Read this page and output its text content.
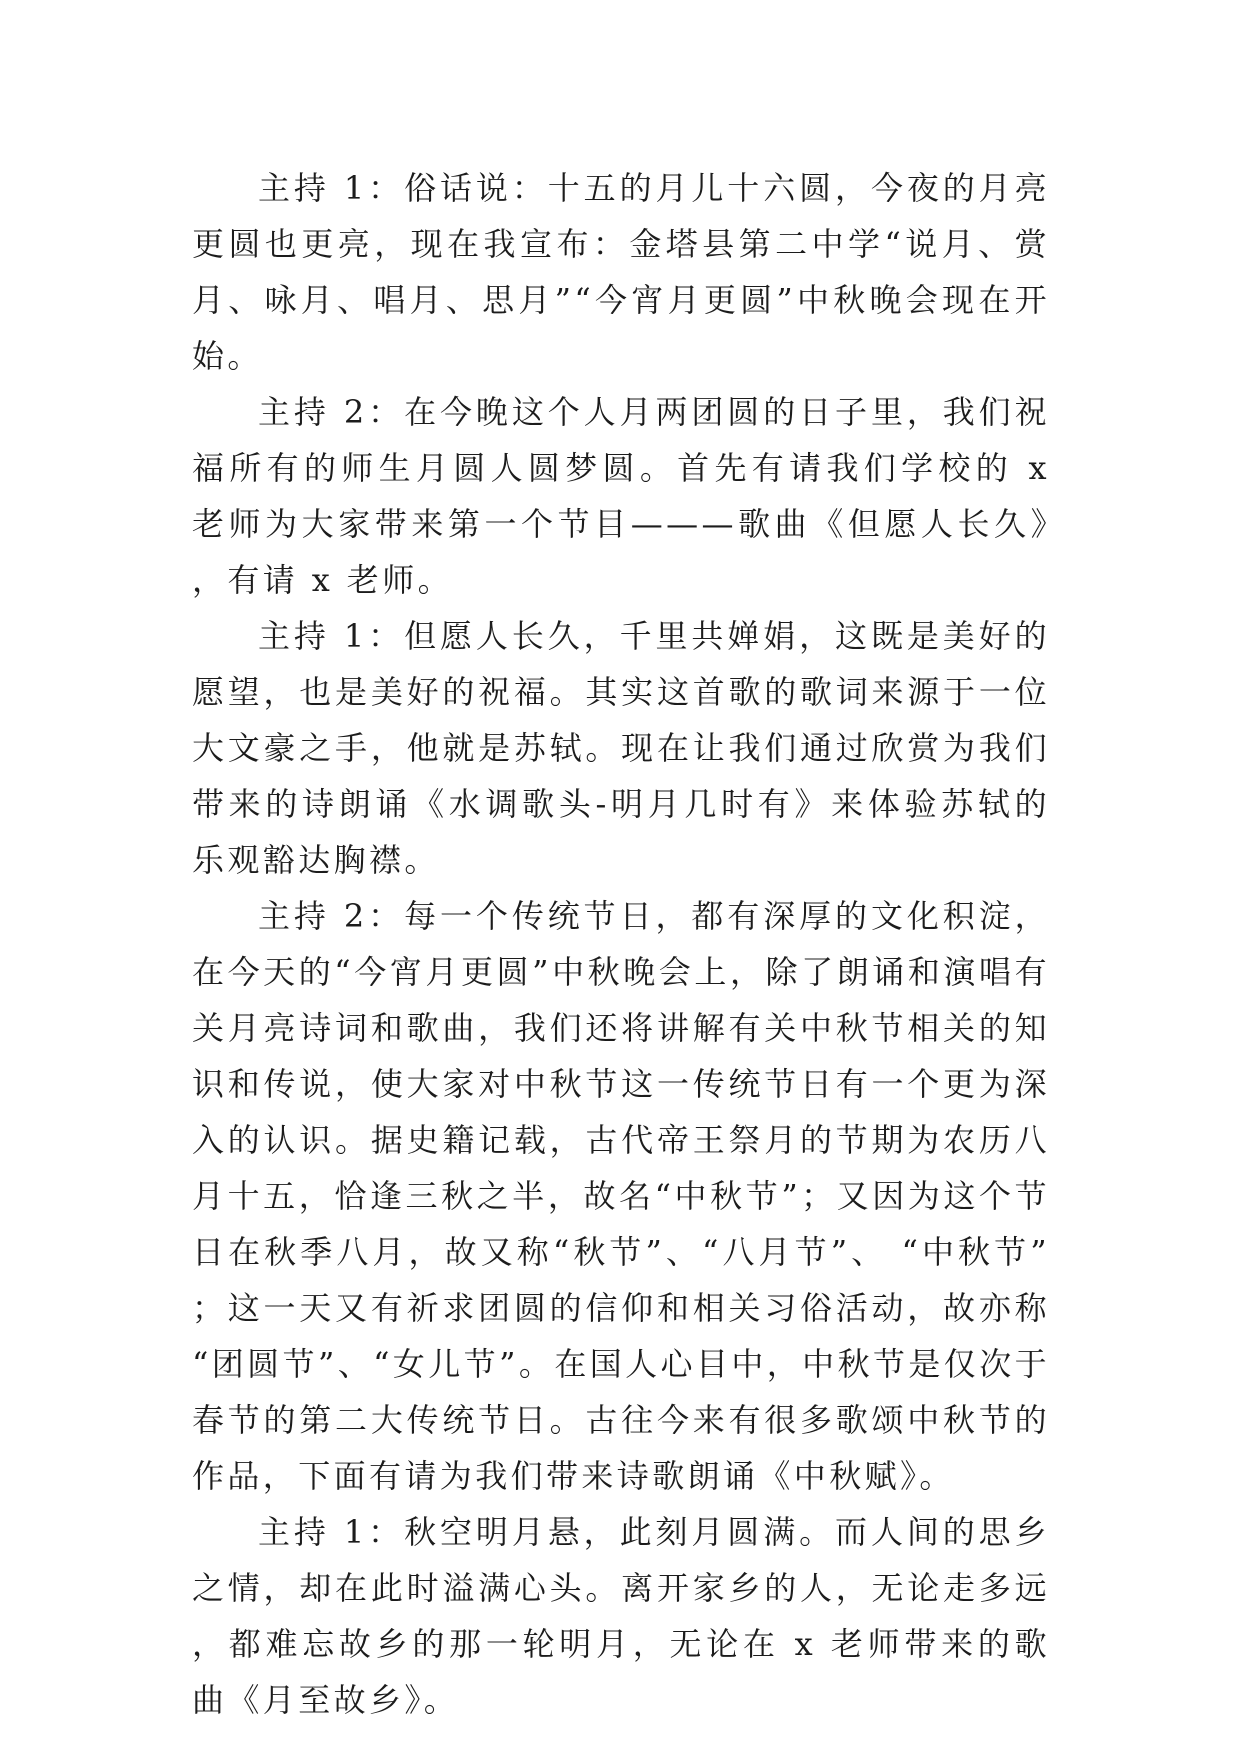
主持 1：俗话说：十五的月儿十六圆，今夜的月亮更圆也更亮，现在我宣布：金塔县第二中学“说月、赏月、咏月、唱月、思月”“今宵月更圆”中秋晚会现在开始。

主持 2：在今晚这个人月两团圆的日子里，我们祝福所有的师生月圆人圆梦圆。首先有请我们学校的 x 老师为大家带来第一个节目———歌曲《但愿人长久》，有请 x 老师。

主持 1：但愿人长久，千里共婵娟，这既是美好的愿望，也是美好的祝福。其实这首歌的歌词来源于一位大文豪之手，他就是苏轼。现在让我们通过欣赏为我们带来的诗朗诵《水调歌头-明月几时有》来体验苏轼的乐观豁达胸襟。

主持 2：每一个传统节日，都有深厚的文化积淀，在今天的“今宵月更圆”中秋晚会上，除了朗诵和演唱有关月亮诗词和歌曲，我们还将讲解有关中秋节相关的知识和传说，使大家对中秋节这一传统节日有一个更为深入的认识。据史籍记载，古代帝王祭月的节期为农历八月十五，恰逢三秋之半，故名“中秋节”；又因为这个节日在秋季八月，故又称“秋节”、“八月节”、 “中秋节”；这一天又有祈求团圆的信仰和相关习俗活动，故亦称“团圆节”、“女儿节”。在国人心目中，中秋节是仅次于春节的第二大传统节日。古往今来有很多歌颂中秋节的作品，下面有请为我们带来诗歌朗诵《中秋赋》。

主持 1：秋空明月悬，此刻月圆满。而人间的思乡之情，却在此时溢满心头。离开家乡的人，无论走多远，都难忘故乡的那一轮明月，无论在 x 老师带来的歌曲《月至故乡》。
